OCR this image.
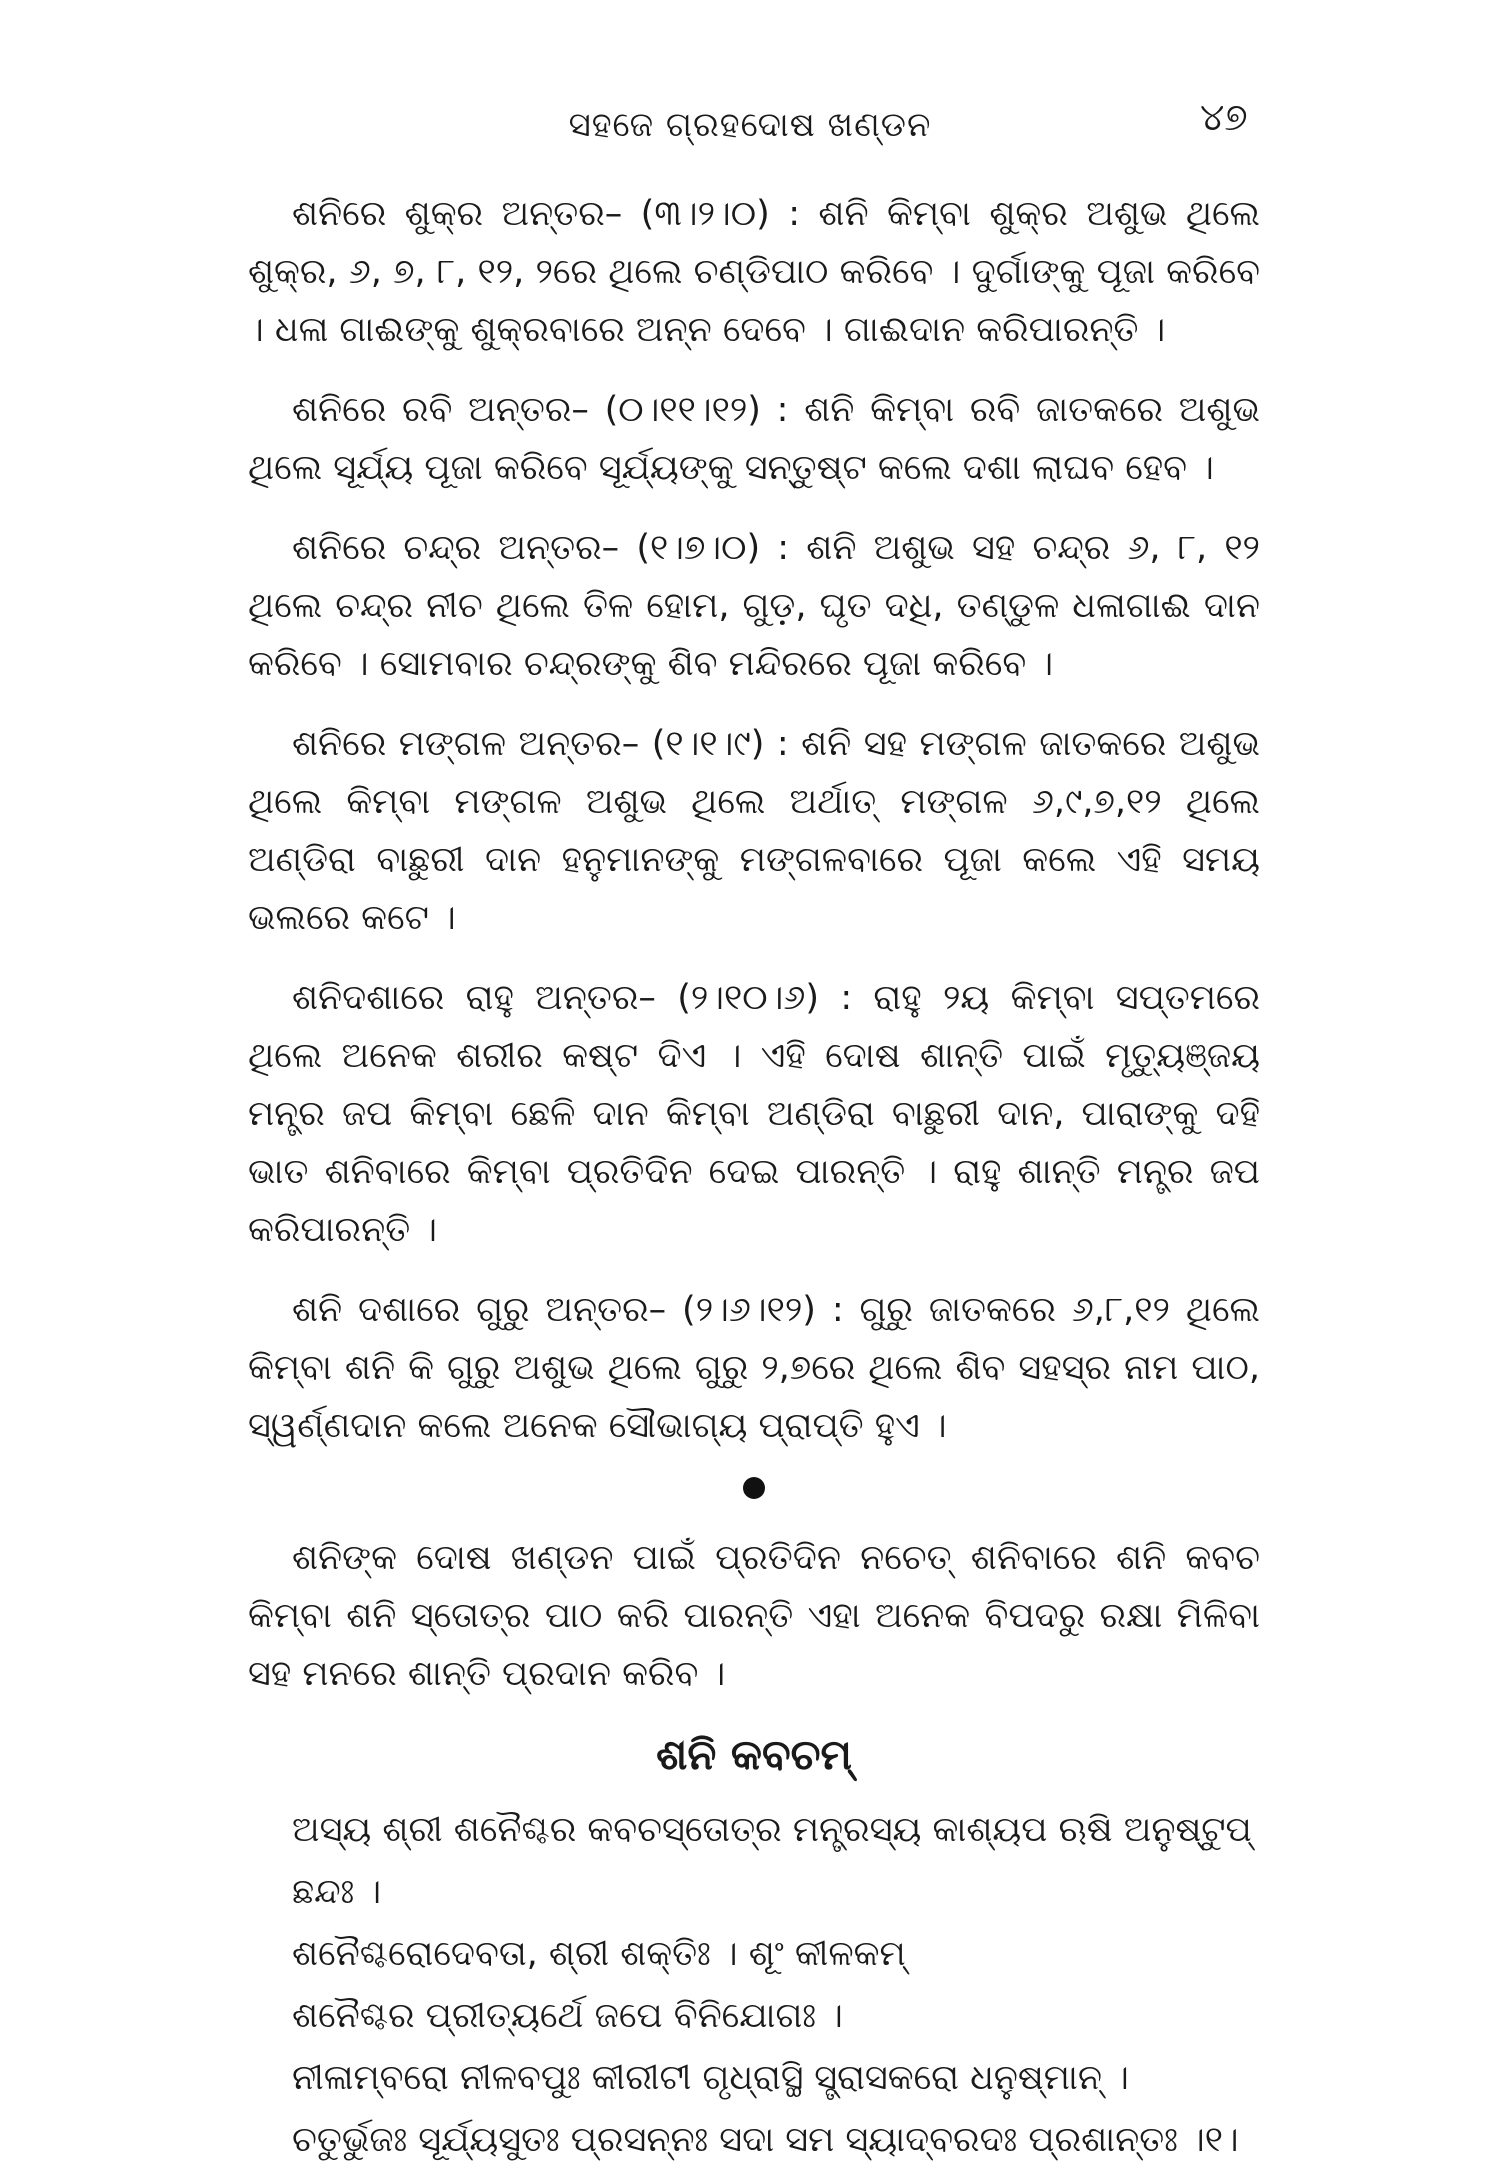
ସହଜେ ଗ୍ରହଦୋଷ ଖଣ୍ଡନ	୪୭

ଶନିରେ ଶୁକ୍ର ଅନ୍ତର– (୩।୨।୦) : ଶନି କିମ୍ବା ଶୁକ୍ର ଅଶୁଭ ଥିଲେ ଶୁକ୍ର, ୬, ୭, ୮, ୧୨, ୨ରେ ଥିଲେ ଚଣ୍ଡିପାଠ କରିବେ । ଦୁର୍ଗାଙ୍କୁ ପୂଜା କରିବେ । ଧଳା ଗାଈଙ୍କୁ ଶୁକ୍ରବାରେ ଅନ୍ନ ଦେବେ । ଗାଈଦାନ କରିପାରନ୍ତି ।

ଶନିରେ ରବି ଅନ୍ତର– (୦।୧୧।୧୨) : ଶନି କିମ୍ବା ରବି ଜାତକରେ ଅଶୁଭ ଥିଲେ ସୂର୍ଯ୍ୟ ପୂଜା କରିବେ ସୂର୍ଯ୍ୟଙ୍କୁ ସନ୍ତୁଷ୍ଟ କଲେ ଦଶା ଲାଘବ ହେବ ।

ଶନିରେ ଚନ୍ଦ୍ର ଅନ୍ତର– (୧।୭।୦) : ଶନି ଅଶୁଭ ସହ ଚନ୍ଦ୍ର ୬, ୮, ୧୨ ଥିଲେ ଚନ୍ଦ୍ର ନୀଚ ଥିଲେ ତିଳ ହୋମ, ଗୁଡ଼, ଘୃତ ଦଧି, ତଣ୍ଡୁଳ ଧଳାଗାଈ ଦାନ କରିବେ । ସୋମବାର ଚନ୍ଦ୍ରଙ୍କୁ ଶିବ ମନ୍ଦିରରେ ପୂଜା କରିବେ ।

ଶନିରେ ମଙ୍ଗଳ ଅନ୍ତର– (୧।୧।୯) : ଶନି ସହ ମଙ୍ଗଳ ଜାତକରେ ଅଶୁଭ ଥିଲେ କିମ୍ବା ମଙ୍ଗଳ ଅଶୁଭ ଥିଲେ ଅର୍ଥାତ୍ ମଙ୍ଗଳ ୬,୯,୭,୧୨ ଥିଲେ ଅଣ୍ଡିରା ବାଛୁରୀ ଦାନ ହନୁମାନଙ୍କୁ ମଙ୍ଗଳବାରେ ପୂଜା କଲେ ଏହି ସମୟ ଭଲରେ କଟେ ।

ଶନିଦଶାରେ ରାହୁ ଅନ୍ତର– (୨।୧୦।୬) : ରାହୁ ୨ୟ କିମ୍ବା ସପ୍ତମରେ ଥିଲେ ଅନେକ ଶରୀର କଷ୍ଟ ଦିଏ । ଏହି ଦୋଷ ଶାନ୍ତି ପାଇଁ ମୃତ୍ୟୁଞ୍ଜୟ ମନ୍ତ୍ର ଜପ କିମ୍ବା ଛେଳି ଦାନ କିମ୍ବା ଅଣ୍ଡିରା ବାଛୁରୀ ଦାନ, ପାରାଙ୍କୁ ଦହି ଭାତ ଶନିବାରେ କିମ୍ବା ପ୍ରତିଦିନ ଦେଇ ପାରନ୍ତି । ରାହୁ ଶାନ୍ତି ମନ୍ତ୍ର ଜପ କରିପାରନ୍ତି ।

ଶନି ଦଶାରେ ଗୁରୁ ଅନ୍ତର– (୨।୬।୧୨) : ଗୁରୁ ଜାତକରେ ୬,୮,୧୨ ଥିଲେ କିମ୍ବା ଶନି କି ଗୁରୁ ଅଶୁଭ ଥିଲେ ଗୁରୁ ୨,୭ରେ ଥିଲେ ଶିବ ସହସ୍ର ନାମ ପାଠ, ସ୍ୱର୍ଣ୍ଣଦାନ କଲେ ଅନେକ ସୌଭାଗ୍ୟ ପ୍ରାପ୍ତି ହୁଏ ।

ଶନିଙ୍କ ଦୋଷ ଖଣ୍ଡନ ପାଇଁ ପ୍ରତିଦିନ ନଚେତ୍ ଶନିବାରେ ଶନି କବଚ କିମ୍ବା ଶନି ସ୍ତୋତ୍ର ପାଠ କରି ପାରନ୍ତି ଏହା ଅନେକ ବିପଦରୁ ରକ୍ଷା ମିଳିବା ସହ ମନରେ ଶାନ୍ତି ପ୍ରଦାନ କରିବ ।

ଶନି କବଚମ୍

ଅସ୍ୟ ଶ୍ରୀ ଶନୈଶ୍ଚର କବଚସ୍ତୋତ୍ର ମନ୍ତ୍ରସ୍ୟ କାଶ୍ୟପ ଋଷି ଅନୁଷ୍ଟୁପ୍ ଛନ୍ଦଃ ।

ଶନୈଶ୍ଚରୋଦେବତା, ଶ୍ରୀ ଶକ୍ତିଃ । ଶୂଂ କୀଳକମ୍

ଶନୈଶ୍ଚର ପ୍ରୀତ୍ୟର୍ଥେ ଜପେ ବିନିଯୋଗଃ ।

ନୀଳାମ୍ବରୋ ନୀଳବପୁଃ କୀରୀଟୀ ଗୃଧ୍ରାସ୍ଥି ସ୍ତ୍ରାସକରୋ ଧନୁଷ୍ମାନ୍ ।

ଚତୁର୍ଭୁଜଃ ସୂର୍ଯ୍ୟସୁତଃ ପ୍ରସନ୍ନଃ ସଦା ସମ ସ୍ୟାଦ୍ବରଦଃ ପ୍ରଶାନ୍ତଃ ।୧।
